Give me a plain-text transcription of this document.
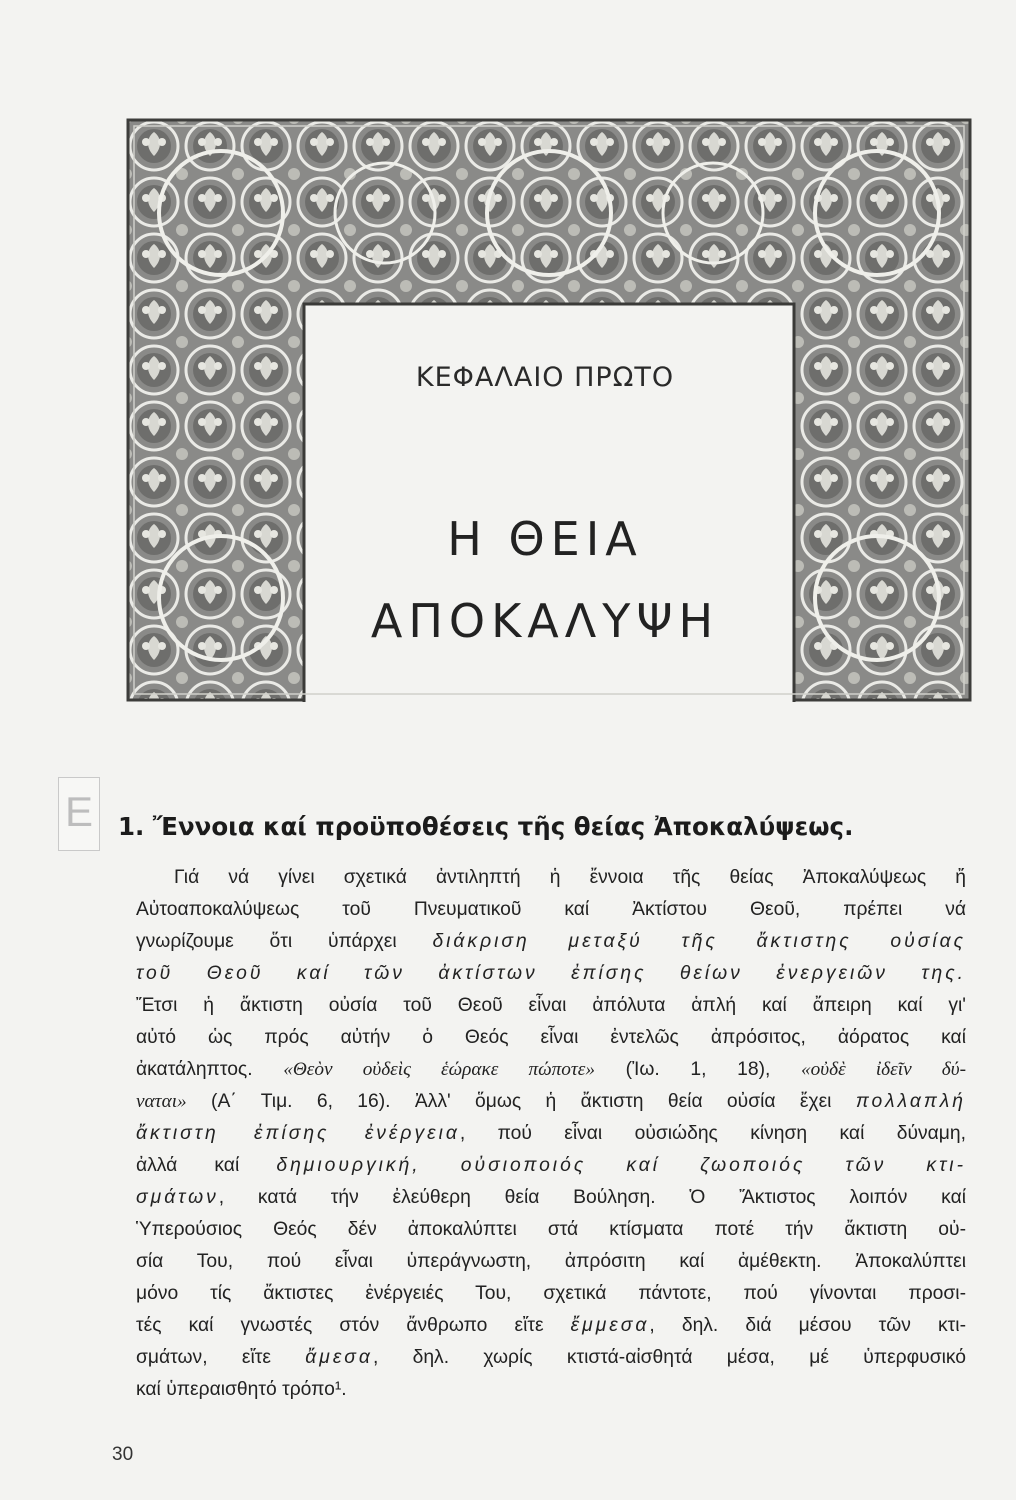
ΚΕΦΑΛΑΙΟ ΠΡΩΤΟ
Η ΘΕΙΑ
ΑΠΟΚΑΛΥΨΗ
Ε 1. Ἔννοια καί προϋποθέσεις τῆς θείας Ἀποκαλύψεως.
Γιά νά γίνει σχετικά ἀντιληπτή ἡ ἔννοια τῆς θείας Ἀποκαλύψεως ἤ
Αὐτοαποκαλύψεως τοῦ Πνευματικοῦ καί Ἀκτίστου Θεοῦ, πρέπει νά
γνωρίζουμε ὅτι ὑπάρχει διάκριση μεταξύ τῆς ἄκτιστης οὐσίας
τοῦ Θεοῦ καί τῶν ἀκτίστων ἐπίσης θείων ἐνεργειῶν της.
Ἔτσι ἡ ἄκτιστη οὐσία τοῦ Θεοῦ εἶναι ἀπόλυτα ἁπλή καί ἄπειρη καί γι'
αὐτό ὡς πρός αὐτήν ὁ Θεός εἶναι ἐντελῶς ἀπρόσιτος, ἀόρατος καί
ἀκατάληπτος. «Θεὸν οὐδεὶς ἑώρακε πώποτε» (Ἰω. 1, 18), «οὐδὲ ἰδεῖν δύ-
ναται» (Α΄ Τιμ. 6, 16). Ἀλλ' ὅμως ἡ ἄκτιστη θεία οὐσία ἔχει πολλαπλή
ἄκτιστη ἐπίσης ἐνέργεια, πού εἶναι οὐσιώδης κίνηση καί δύναμη,
ἀλλά καί δημιουργική, οὐσιοποιός καί ζωοποιός τῶν κτι-
σμάτων, κατά τήν ἐλεύθερη θεία Βούληση. Ὁ Ἄκτιστος λοιπόν καί
Ὑπερούσιος Θεός δέν ἀποκαλύπτει στά κτίσματα ποτέ τήν ἄκτιστη οὐ-
σία Του, πού εἶναι ὑπεράγνωστη, ἀπρόσιτη καί ἀμέθεκτη. Ἀποκαλύπτει
μόνο τίς ἄκτιστες ἐνέργειές Του, σχετικά πάντοτε, πού γίνονται προσι-
τές καί γνωστές στόν ἄνθρωπο εἴτε ἔμμεσα, δηλ. διά μέσου τῶν κτι-
σμάτων, εἴτε ἄμεσα, δηλ. χωρίς κτιστά-αἰσθητά μέσα, μέ ὑπερφυσικό
καί ὑπεραισθητό τρόπο¹.
30
